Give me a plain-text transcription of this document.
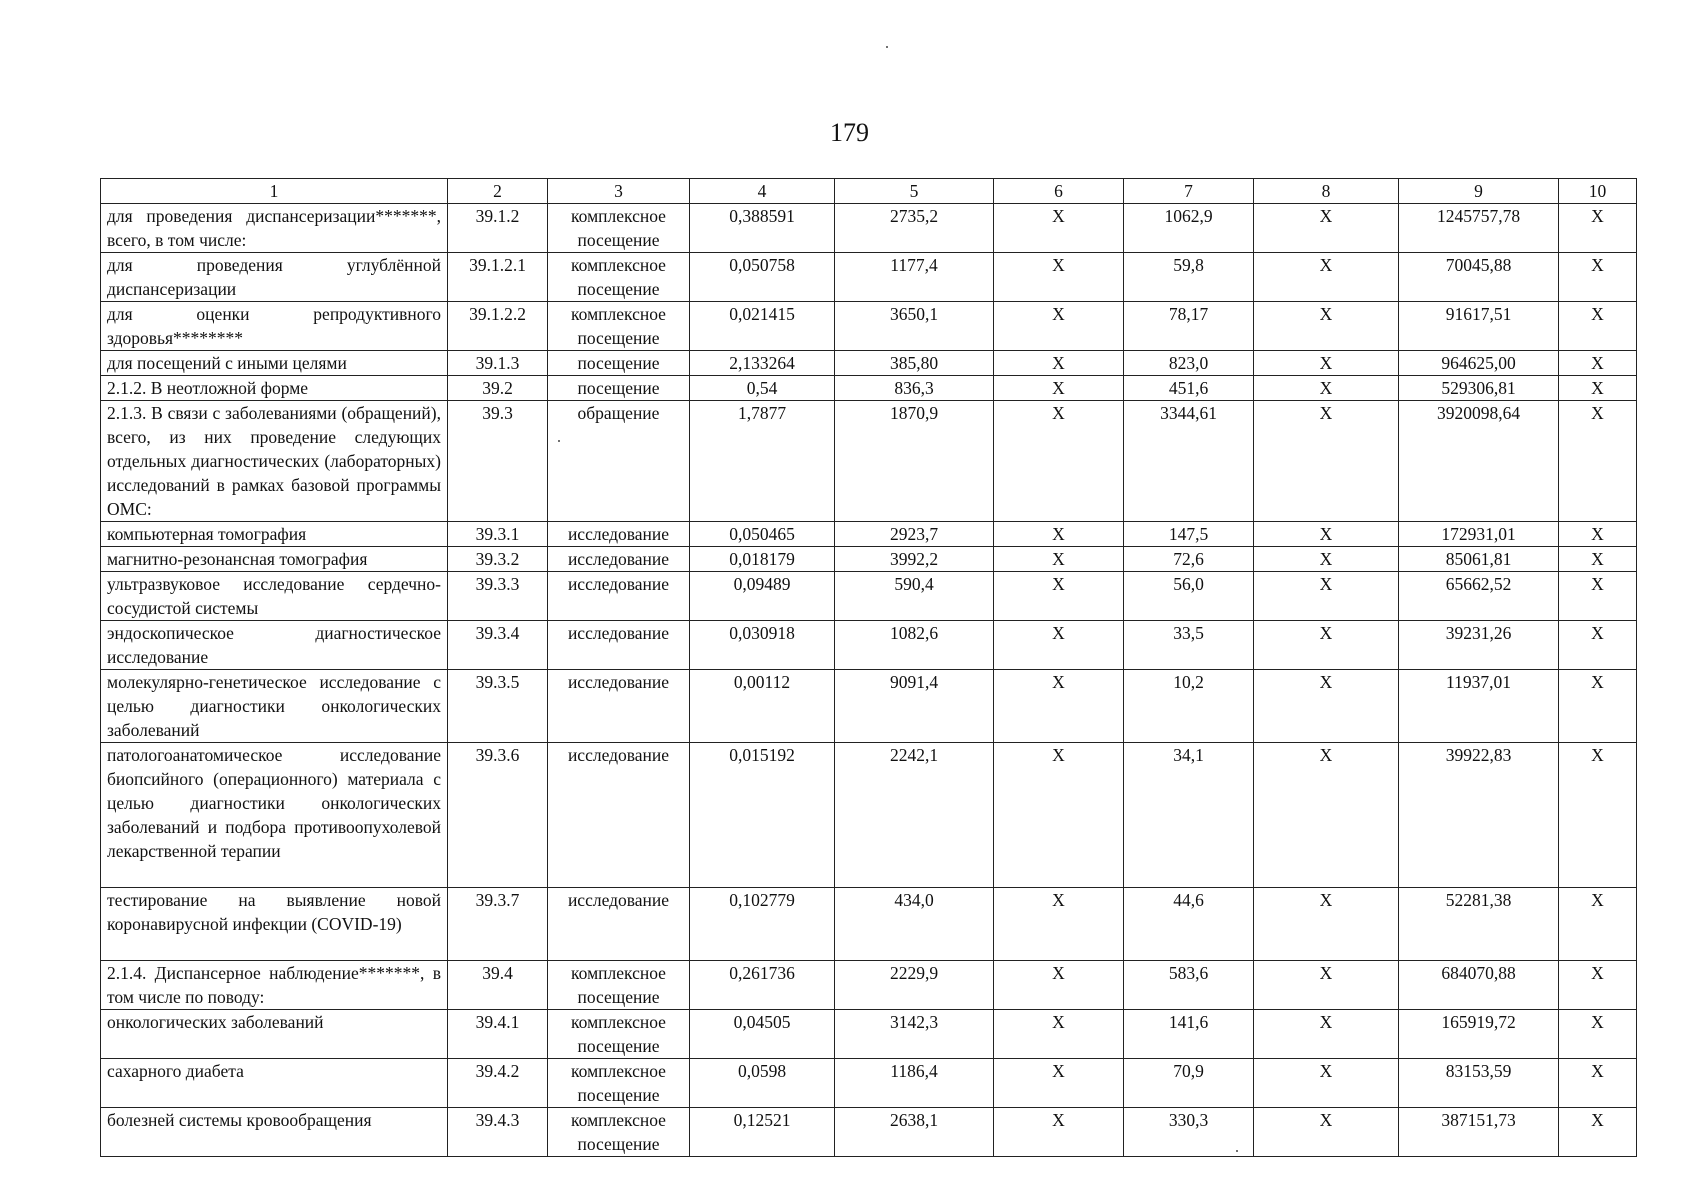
179
1	2	3	4	5	6	7	8	9	10
для проведения диспансеризации*******, всего, в том числе:	39.1.2	комплексное посещение	0,388591	2735,2	X	1062,9	X	1245757,78	X
для проведения углублённой диспансеризации	39.1.2.1	комплексное посещение	0,050758	1177,4	X	59,8	X	70045,88	X
для оценки репродуктивного здоровья********	39.1.2.2	комплексное посещение	0,021415	3650,1	X	78,17	X	91617,51	X
для посещений с иными целями	39.1.3	посещение	2,133264	385,80	X	823,0	X	964625,00	X
2.1.2. В неотложной форме	39.2	посещение	0,54	836,3	X	451,6	X	529306,81	X
2.1.3. В связи с заболеваниями (обращений), всего, из них проведение следующих отдельных диагностических (лабораторных) исследований в рамках базовой программы ОМС:	39.3	обращение	1,7877	1870,9	X	3344,61	X	3920098,64	X
компьютерная томография	39.3.1	исследование	0,050465	2923,7	X	147,5	X	172931,01	X
магнитно-резонансная томография	39.3.2	исследование	0,018179	3992,2	X	72,6	X	85061,81	X
ультразвуковое исследование сердечно-сосудистой системы	39.3.3	исследование	0,09489	590,4	X	56,0	X	65662,52	X
эндоскопическое диагностическое исследование	39.3.4	исследование	0,030918	1082,6	X	33,5	X	39231,26	X
молекулярно-генетическое исследование с целью диагностики онкологических заболеваний	39.3.5	исследование	0,00112	9091,4	X	10,2	X	11937,01	X
патологоанатомическое исследование биопсийного (операционного) материала с целью диагностики онкологических заболеваний и подбора противоопухолевой лекарственной терапии	39.3.6	исследование	0,015192	2242,1	X	34,1	X	39922,83	X
тестирование на выявление новой коронавирусной инфекции (COVID-19)	39.3.7	исследование	0,102779	434,0	X	44,6	X	52281,38	X
2.1.4. Диспансерное наблюдение*******, в том числе по поводу:	39.4	комплексное посещение	0,261736	2229,9	X	583,6	X	684070,88	X
онкологических заболеваний	39.4.1	комплексное посещение	0,04505	3142,3	X	141,6	X	165919,72	X
сахарного диабета	39.4.2	комплексное посещение	0,0598	1186,4	X	70,9	X	83153,59	X
болезней системы кровообращения	39.4.3	комплексное посещение	0,12521	2638,1	X	330,3	X	387151,73	X
